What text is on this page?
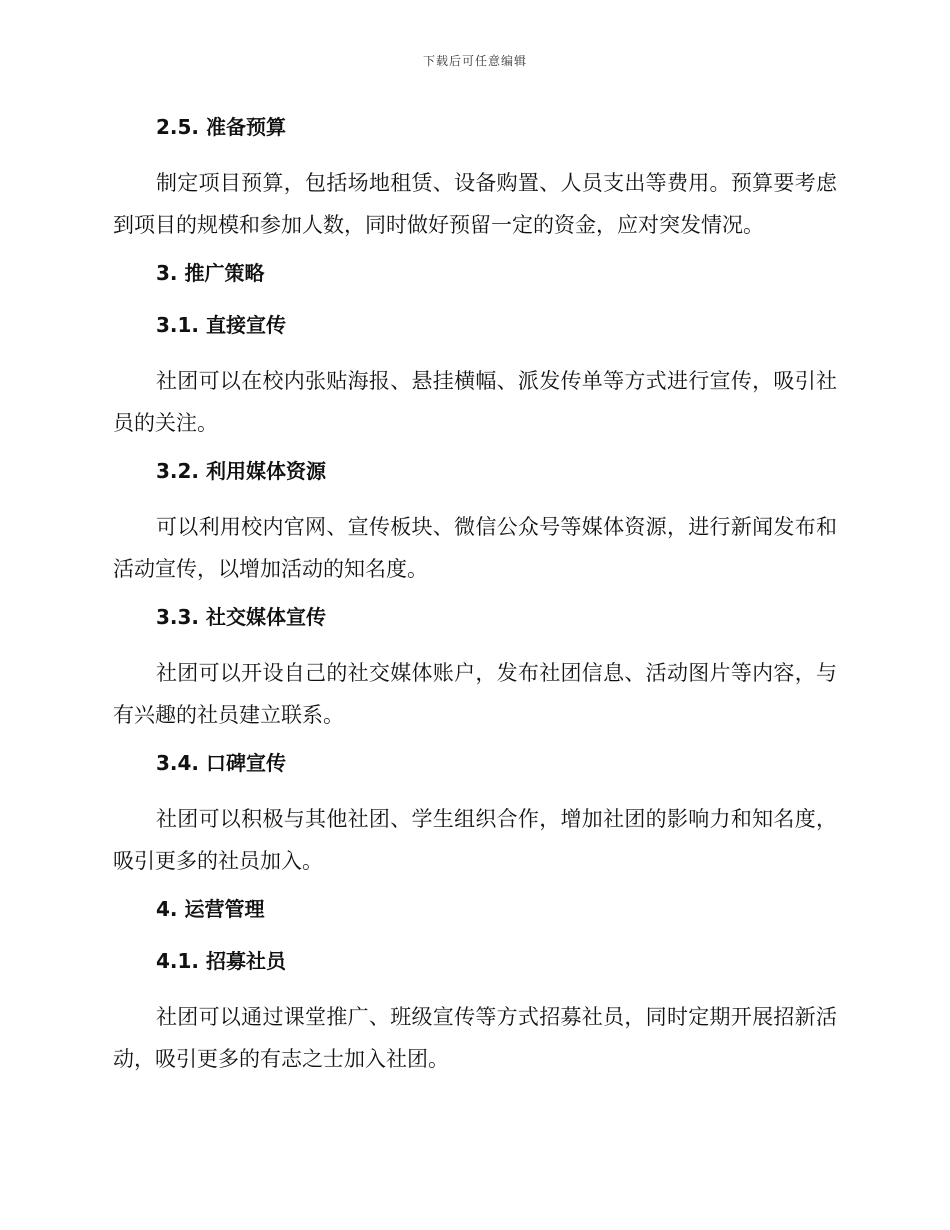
下载后可任意编辑
2.5. 准备预算

制定项目预算，包括场地租赁、设备购置、人员支出等费用。预算要考虑到项目的规模和参加人数，同时做好预留一定的资金，应对突发情况。

3. 推广策略
3.1. 直接宣传

社团可以在校内张贴海报、悬挂横幅、派发传单等方式进行宣传，吸引社员的关注。

3.2. 利用媒体资源

可以利用校内官网、宣传板块、微信公众号等媒体资源，进行新闻发布和活动宣传，以增加活动的知名度。

3.3. 社交媒体宣传

社团可以开设自己的社交媒体账户，发布社团信息、活动图片等内容，与有兴趣的社员建立联系。

3.4. 口碑宣传

社团可以积极与其他社团、学生组织合作，增加社团的影响力和知名度，吸引更多的社员加入。

4. 运营管理
4.1. 招募社员

社团可以通过课堂推广、班级宣传等方式招募社员，同时定期开展招新活动，吸引更多的有志之士加入社团。
